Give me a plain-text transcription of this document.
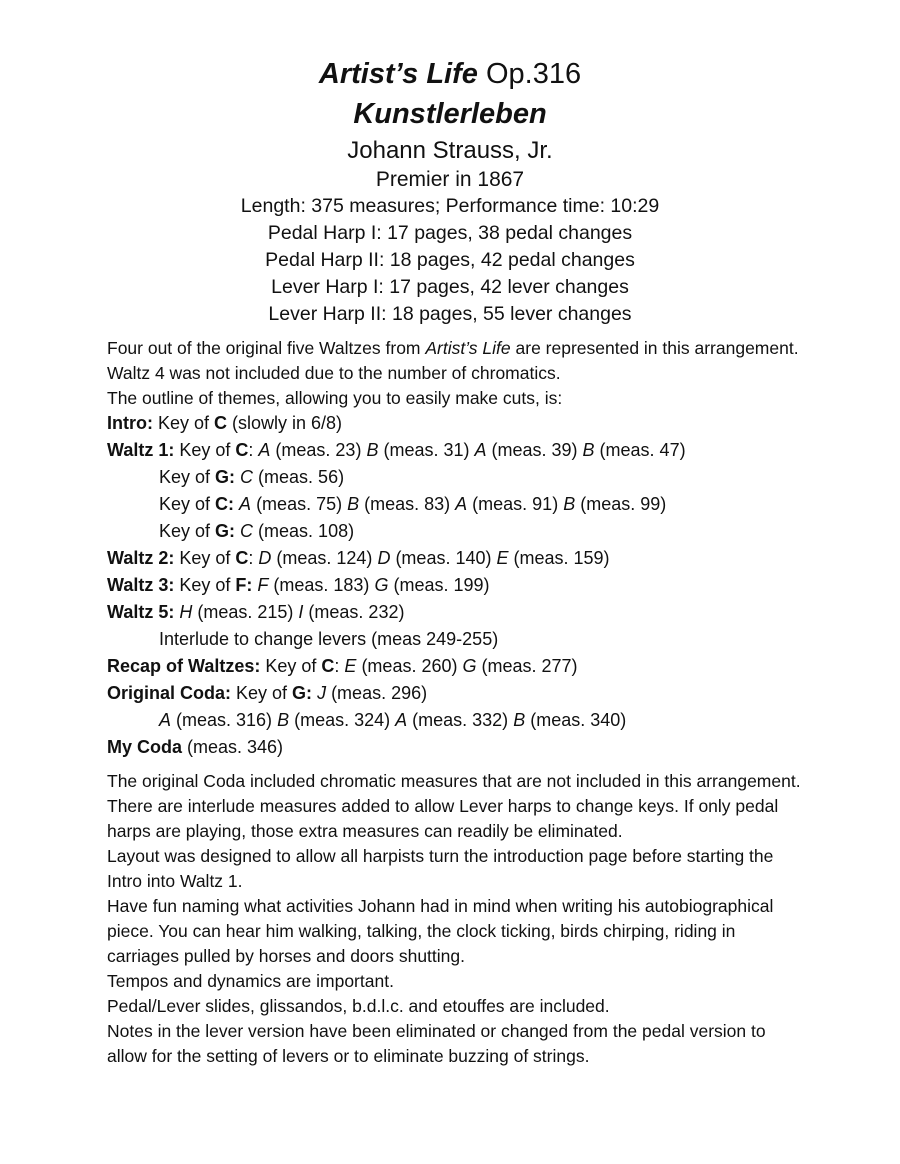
Artist’s Life Op.316
Kunstlerleben
Johann Strauss, Jr.
Premier in 1867
Length: 375 measures; Performance time: 10:29
Pedal Harp I: 17 pages, 38 pedal changes
Pedal Harp II: 18 pages, 42 pedal changes
Lever Harp I: 17 pages, 42 lever changes
Lever Harp II: 18 pages, 55 lever changes
Four out of the original five Waltzes from Artist’s Life are represented in this arrangement. Waltz 4 was not included due to the number of chromatics.
The outline of themes, allowing you to easily make cuts, is:
Intro: Key of C (slowly in 6/8)
Waltz 1: Key of C: A (meas. 23) B (meas. 31) A (meas. 39) B (meas. 47)
Key of G: C (meas. 56)
Key of C: A (meas. 75) B (meas. 83) A (meas. 91) B (meas. 99)
Key of G: C (meas. 108)
Waltz 2: Key of C: D (meas. 124) D (meas. 140) E (meas. 159)
Waltz 3: Key of F: F (meas. 183) G (meas. 199)
Waltz 5: H (meas. 215) I (meas. 232)
Interlude to change levers (meas 249-255)
Recap of Waltzes: Key of C: E (meas. 260) G (meas. 277)
Original Coda: Key of G: J (meas. 296)
A (meas. 316) B (meas. 324) A (meas. 332) B (meas. 340)
My Coda (meas. 346)
The original Coda included chromatic measures that are not included in this arrangement.
There are interlude measures added to allow Lever harps to change keys. If only pedal harps are playing, those extra measures can readily be eliminated.
Layout was designed to allow all harpists turn the introduction page before starting the Intro into Waltz 1.
Have fun naming what activities Johann had in mind when writing his autobiographical piece. You can hear him walking, talking, the clock ticking, birds chirping, riding in carriages pulled by horses and doors shutting.
Tempos and dynamics are important.
Pedal/Lever slides, glissandos, b.d.l.c. and etouffes are included.
Notes in the lever version have been eliminated or changed from the pedal version to allow for the setting of levers or to eliminate buzzing of strings.
